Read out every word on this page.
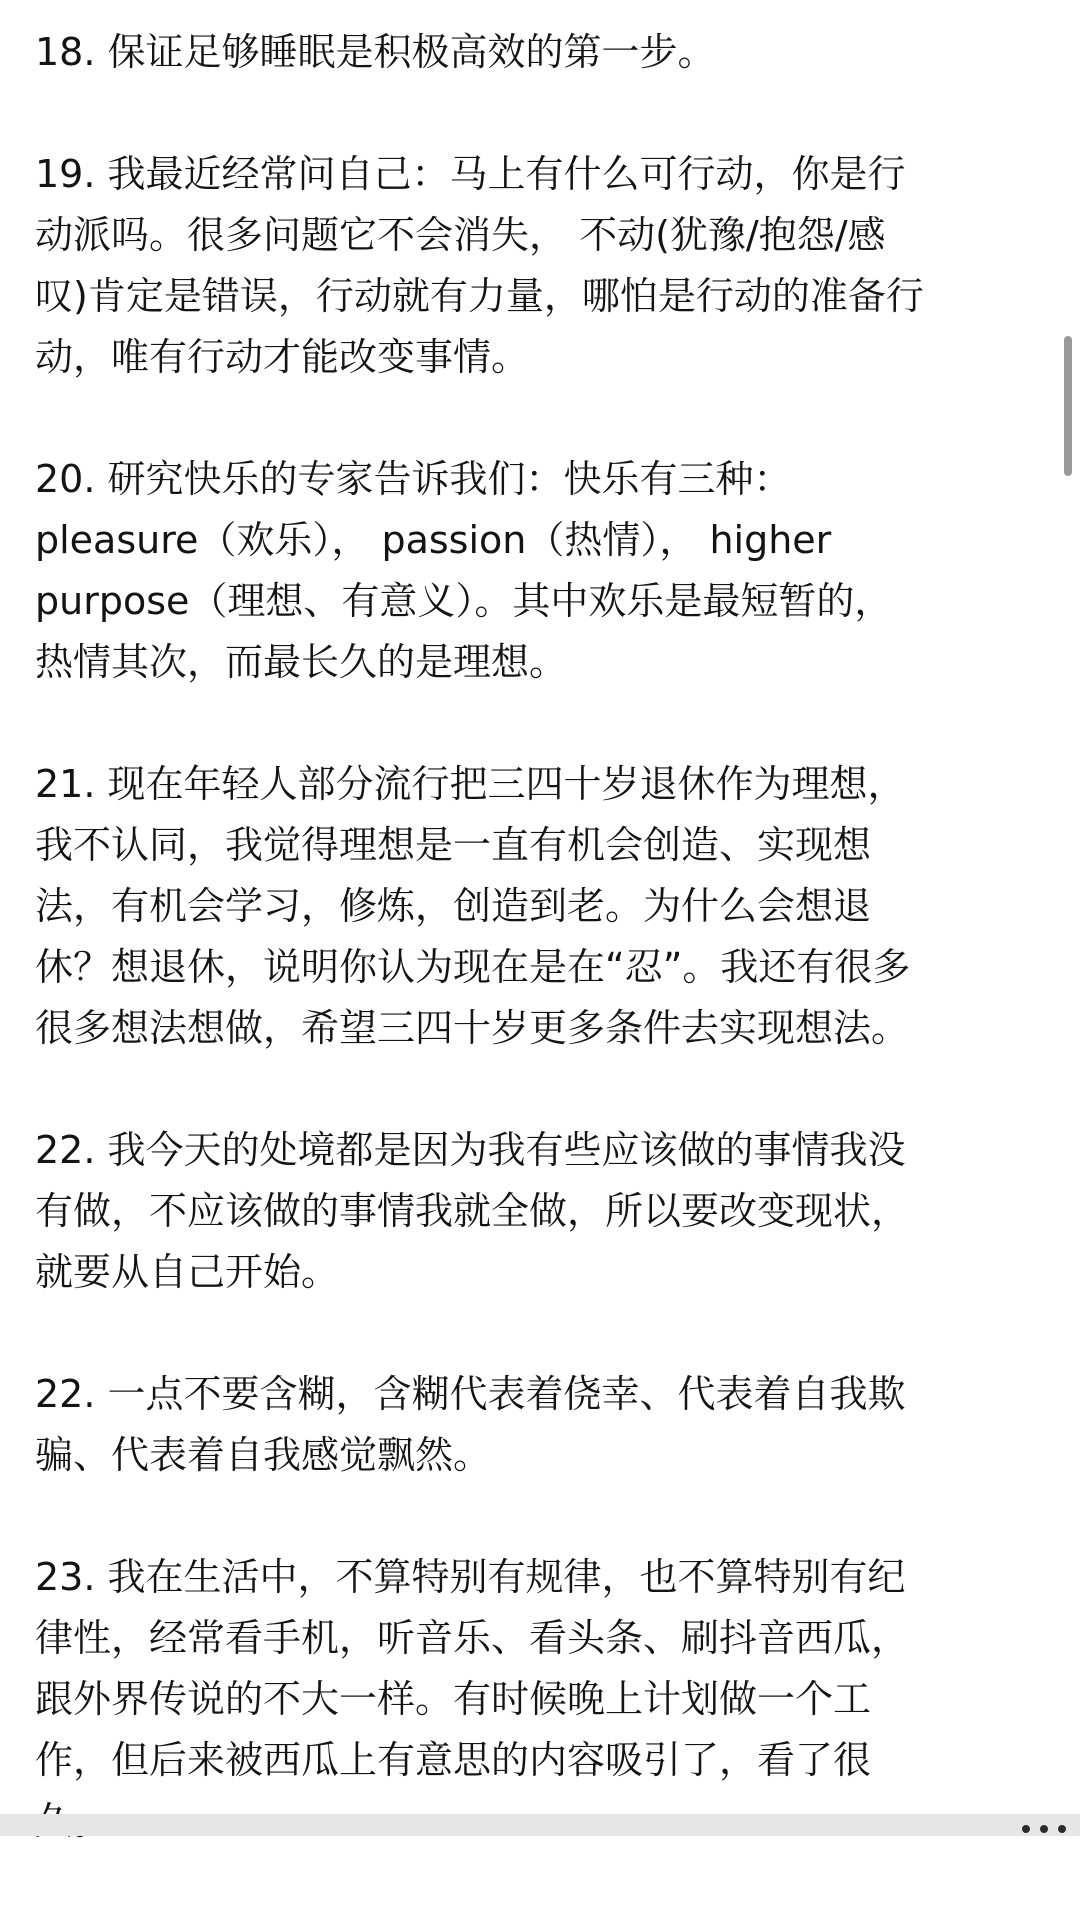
18. 保证足够睡眠是积极高效的第一步。

19. 我最近经常问自己：马上有什么可行动，你是行
动派吗。很多问题它不会消失， 不动(犹豫/抱怨/感
叹)肯定是错误，行动就有力量，哪怕是行动的准备行
动，唯有行动才能改变事情。

20. 研究快乐的专家告诉我们：快乐有三种：
pleasure（欢乐）， passion（热情）， higher
purpose（理想、有意义）。其中欢乐是最短暂的，
热情其次，而最长久的是理想。

21. 现在年轻人部分流行把三四十岁退休作为理想，
我不认同，我觉得理想是一直有机会创造、实现想
法，有机会学习，修炼，创造到老。为什么会想退
休？想退休，说明你认为现在是在“忍”。我还有很多
很多想法想做，希望三四十岁更多条件去实现想法。

22. 我今天的处境都是因为我有些应该做的事情我没
有做，不应该做的事情我就全做，所以要改变现状，
就要从自己开始。

22. 一点不要含糊，含糊代表着侥幸、代表着自我欺
骗、代表着自我感觉飘然。

23. 我在生活中，不算特别有规律，也不算特别有纪
律性，经常看手机，听音乐、看头条、刷抖音西瓜，
跟外界传说的不大一样。有时候晚上计划做一个工
作，但后来被西瓜上有意思的内容吸引了，看了很
